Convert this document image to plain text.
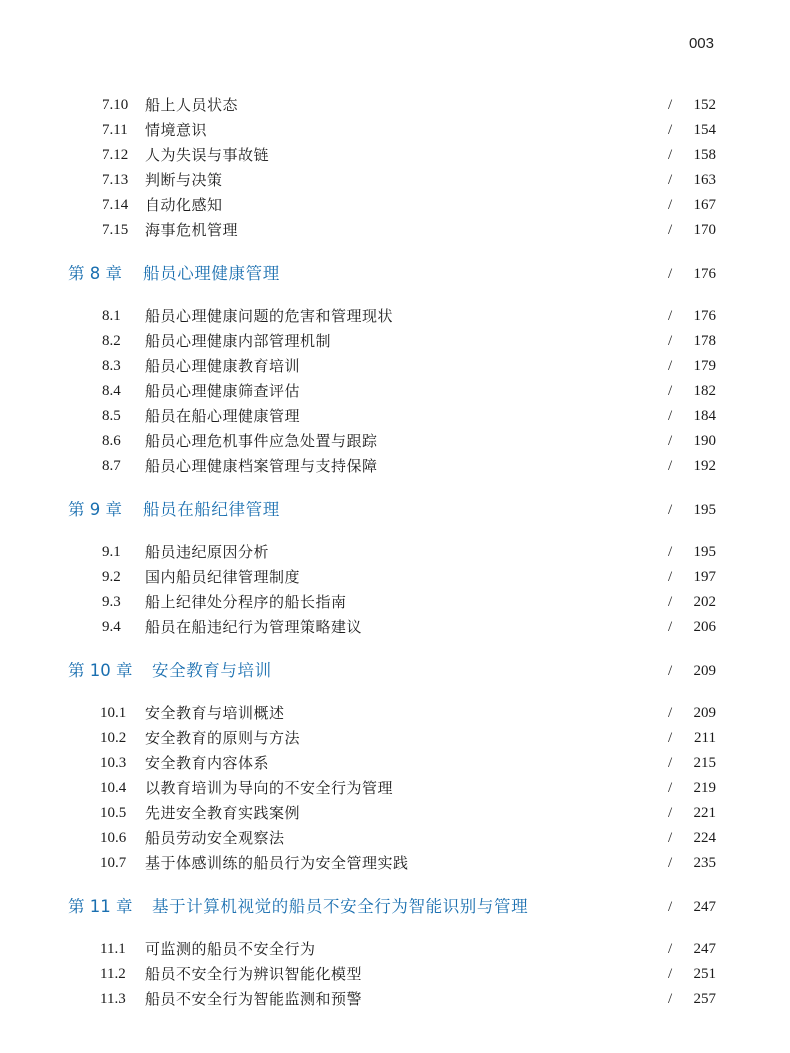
003
7.10 船上人员状态	/ 152
7.11 情境意识	/ 154
7.12 人为失误与事故链	/ 158
7.13 判断与决策	/ 163
7.14 自动化感知	/ 167
7.15 海事危机管理	/ 170
第 8 章 船员心理健康管理	/ 176
8.1 船员心理健康问题的危害和管理现状	/ 176
8.2 船员心理健康内部管理机制	/ 178
8.3 船员心理健康教育培训	/ 179
8.4 船员心理健康筛查评估	/ 182
8.5 船员在船心理健康管理	/ 184
8.6 船员心理危机事件应急处置与跟踪	/ 190
8.7 船员心理健康档案管理与支持保障	/ 192
第 9 章 船员在船纪律管理	/ 195
9.1 船员违纪原因分析	/ 195
9.2 国内船员纪律管理制度	/ 197
9.3 船上纪律处分程序的船长指南	/ 202
9.4 船员在船违纪行为管理策略建议	/ 206
第 10 章 安全教育与培训	/ 209
10.1 安全教育与培训概述	/ 209
10.2 安全教育的原则与方法	/ 211
10.3 安全教育内容体系	/ 215
10.4 以教育培训为导向的不安全行为管理	/ 219
10.5 先进安全教育实践案例	/ 221
10.6 船员劳动安全观察法	/ 224
10.7 基于体感训练的船员行为安全管理实践	/ 235
第 11 章 基于计算机视觉的船员不安全行为智能识别与管理	/ 247
11.1 可监测的船员不安全行为	/ 247
11.2 船员不安全行为辨识智能化模型	/ 251
11.3 船员不安全行为智能监测和预警	/ 257
